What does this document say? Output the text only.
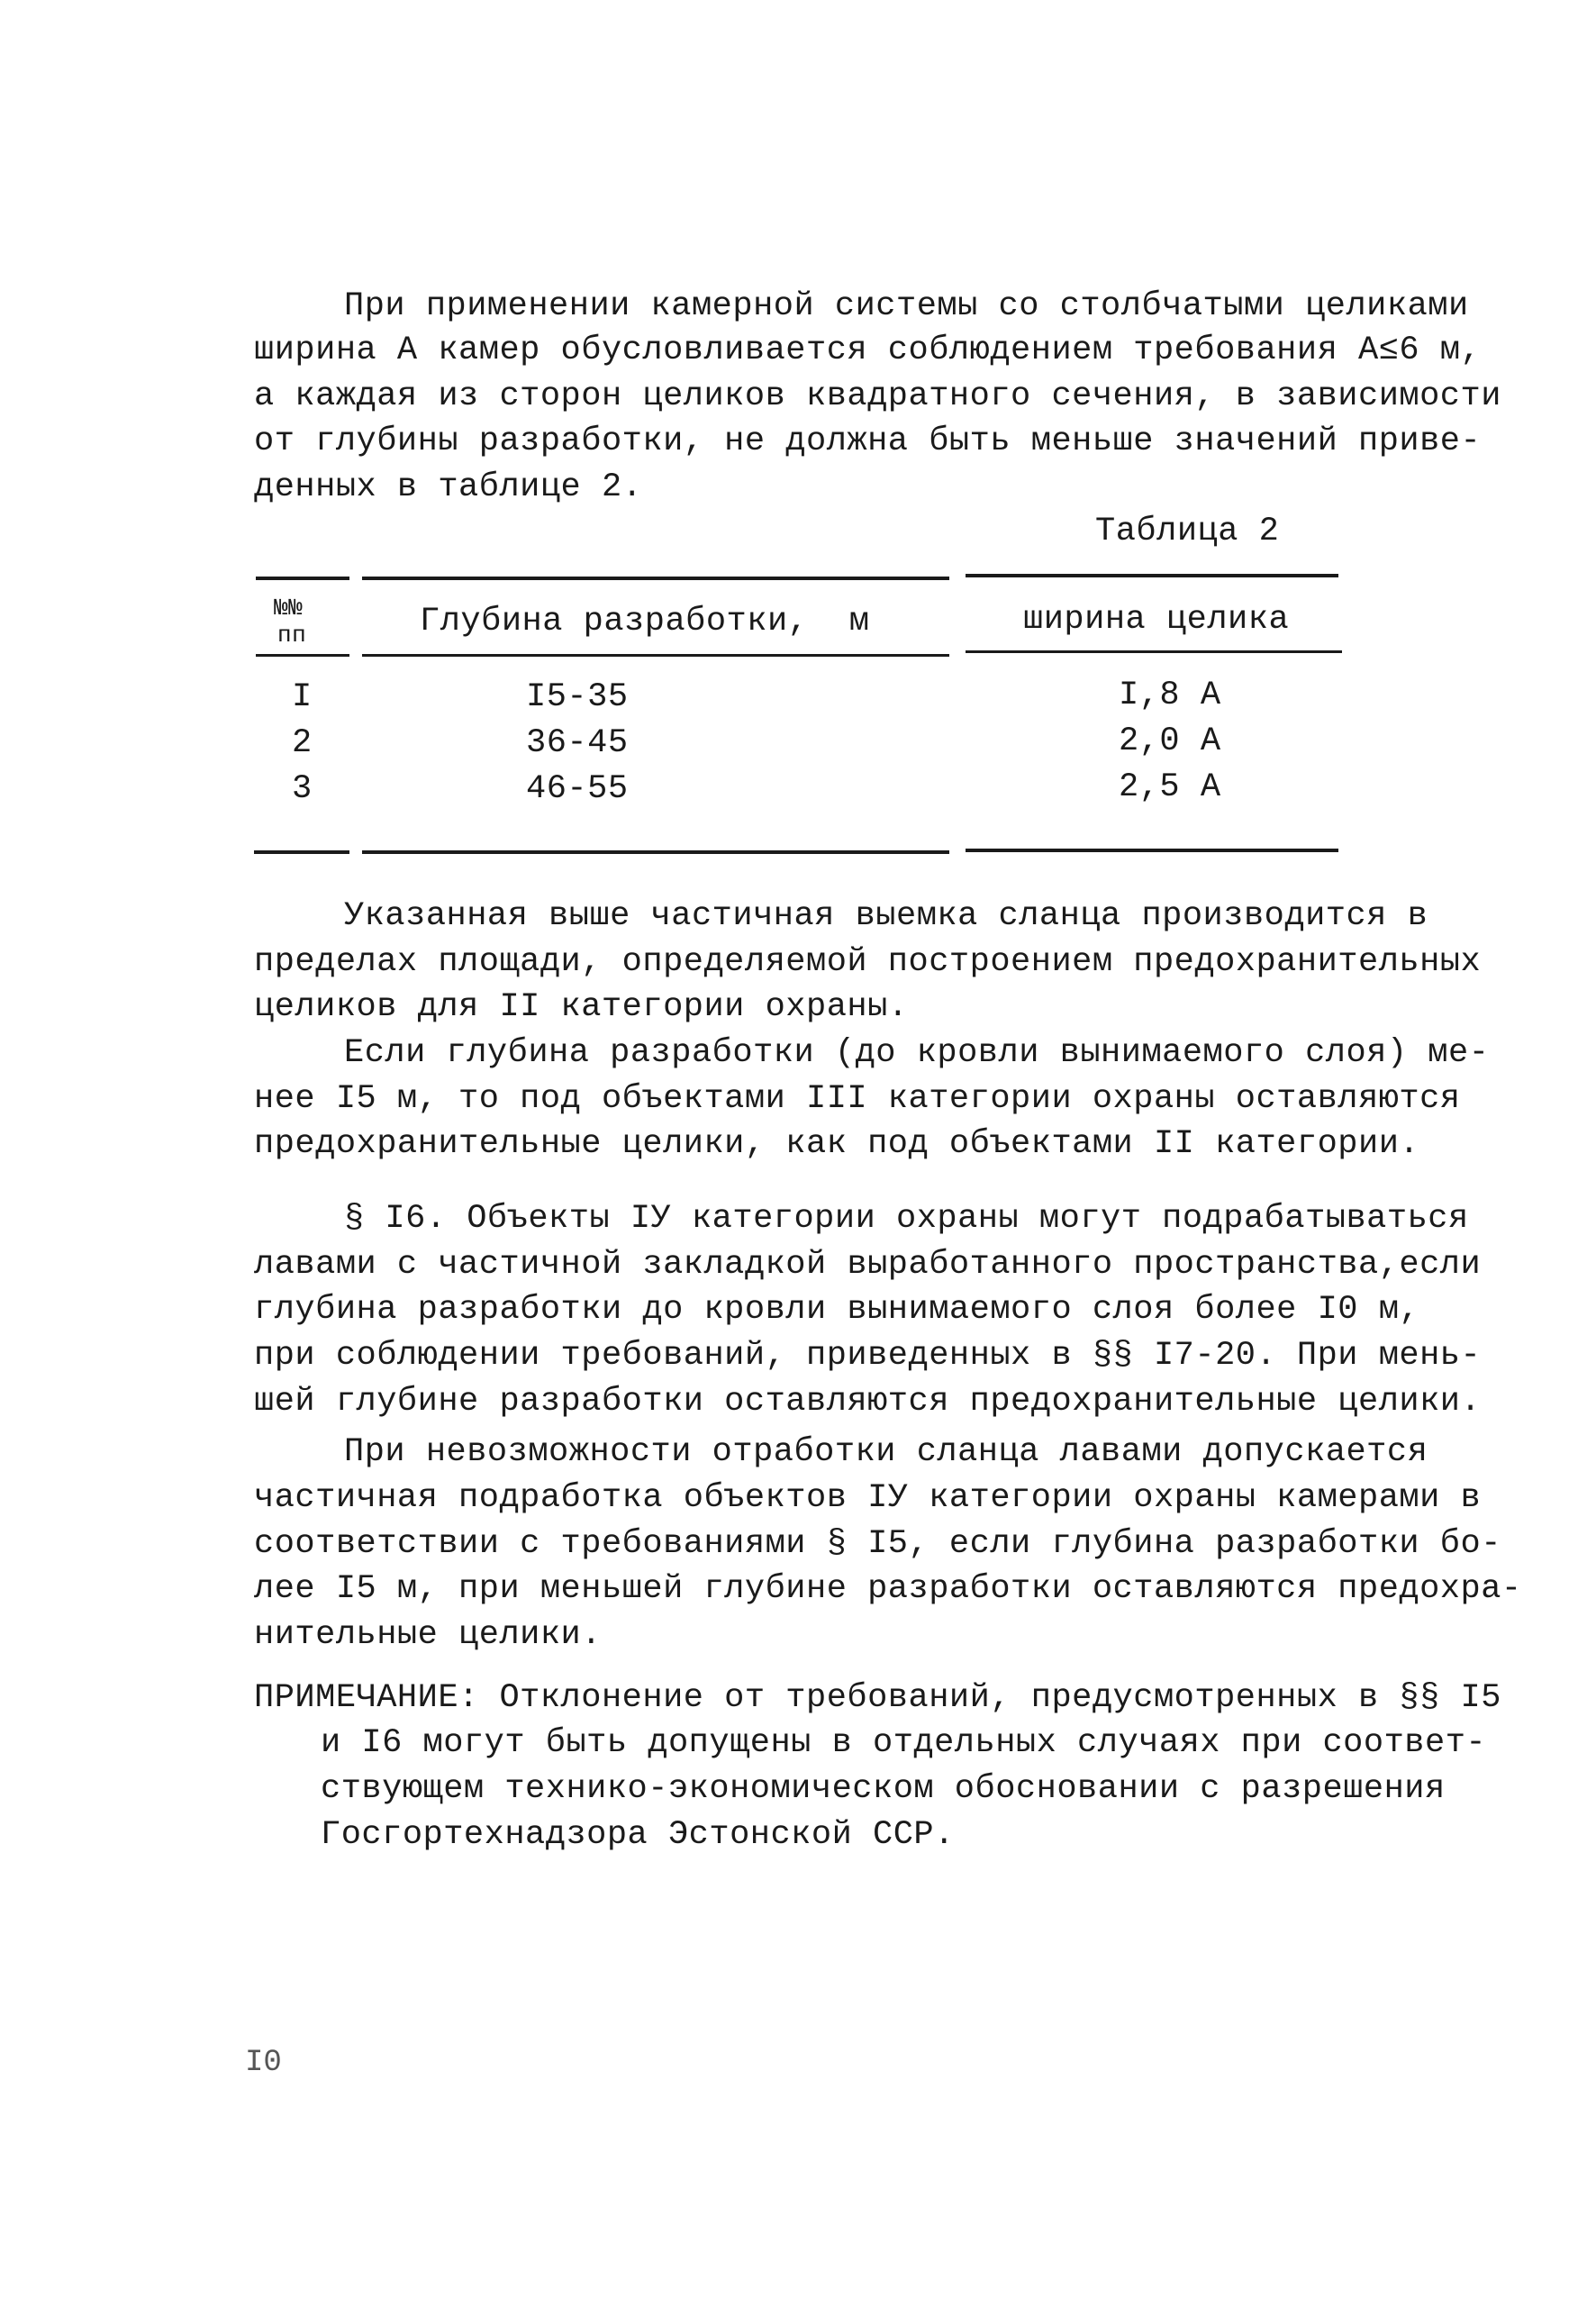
При применении камерной системы со столбчатыми целиками
ширина А камер обусловливается соблюдением требования А≤6 м,
а каждая из сторон целиков квадратного сечения, в зависимости
от глубины разработки, не должна быть меньше значений приве-
денных в таблице 2.
Таблица 2
№№
пп	Глубина разработки,  м	ширина целика
I	I5-35	I,8 А
2	36-45	2,0 А
3	46-55	2,5 А
Указанная выше частичная выемка сланца производится в
пределах площади, определяемой построением предохранительных
целиков для II категории охраны.
Если глубина разработки (до кровли вынимаемого слоя) ме-
нее I5 м, то под объектами III категории охраны оставляются
предохранительные целики, как под объектами II категории.
§ I6. Объекты IУ категории охраны могут подрабатываться
лавами с частичной закладкой выработанного пространства,если
глубина разработки до кровли вынимаемого слоя более I0 м,
при соблюдении требований, приведенных в §§ I7-20. При мень-
шей глубине разработки оставляются предохранительные целики.
При невозможности отработки сланца лавами допускается
частичная подработка объектов IУ категории охраны камерами в
соответствии с требованиями § I5, если глубина разработки бо-
лее I5 м, при меньшей глубине разработки оставляются предохра-
нительные целики.
ПРИМЕЧАНИЕ: Отклонение от требований, предусмотренных в §§ I5
и I6 могут быть допущены в отдельных случаях при соответ-
ствующем технико-экономическом обосновании с разрешения
Госгортехнадзора Эстонской ССР.
I0
